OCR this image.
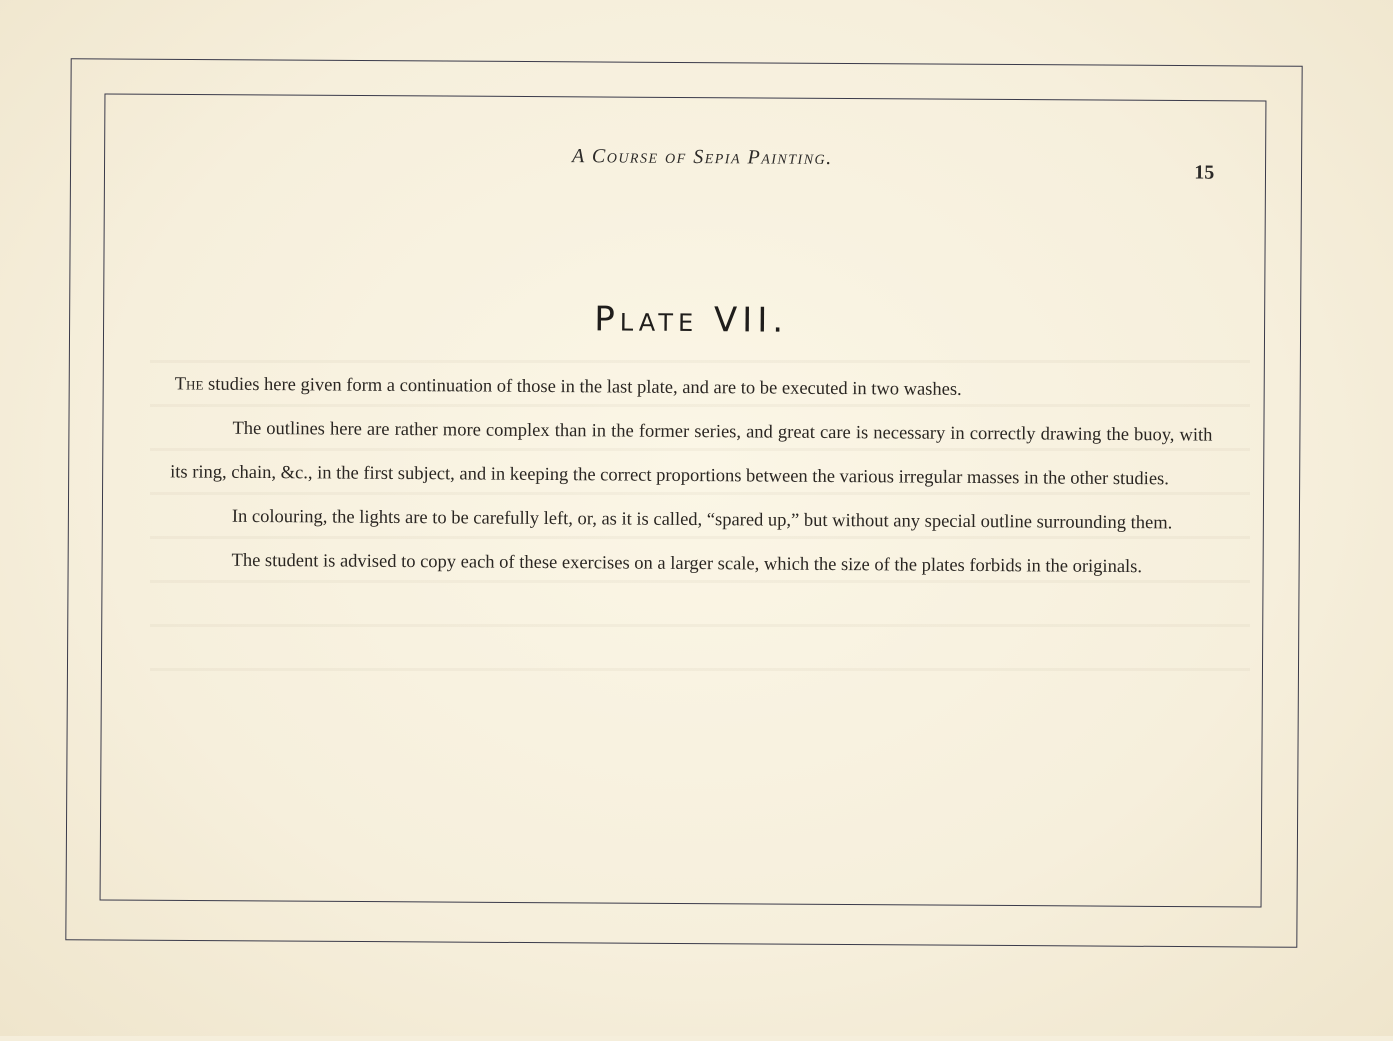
A Course of Sepia Painting.
15
Plate VII.

The studies here given form a continuation of those in the last plate, and are to be executed in two washes.

The outlines here are rather more complex than in the former series, and great care is necessary in correctly drawing the buoy, with its ring, chain, &c., in the first subject, and in keeping the correct proportions between the various irregular masses in the other studies.

In colouring, the lights are to be carefully left, or, as it is called, “spared up,” but without any special outline surrounding them.

The student is advised to copy each of these exercises on a larger scale, which the size of the plates forbids in the originals.
